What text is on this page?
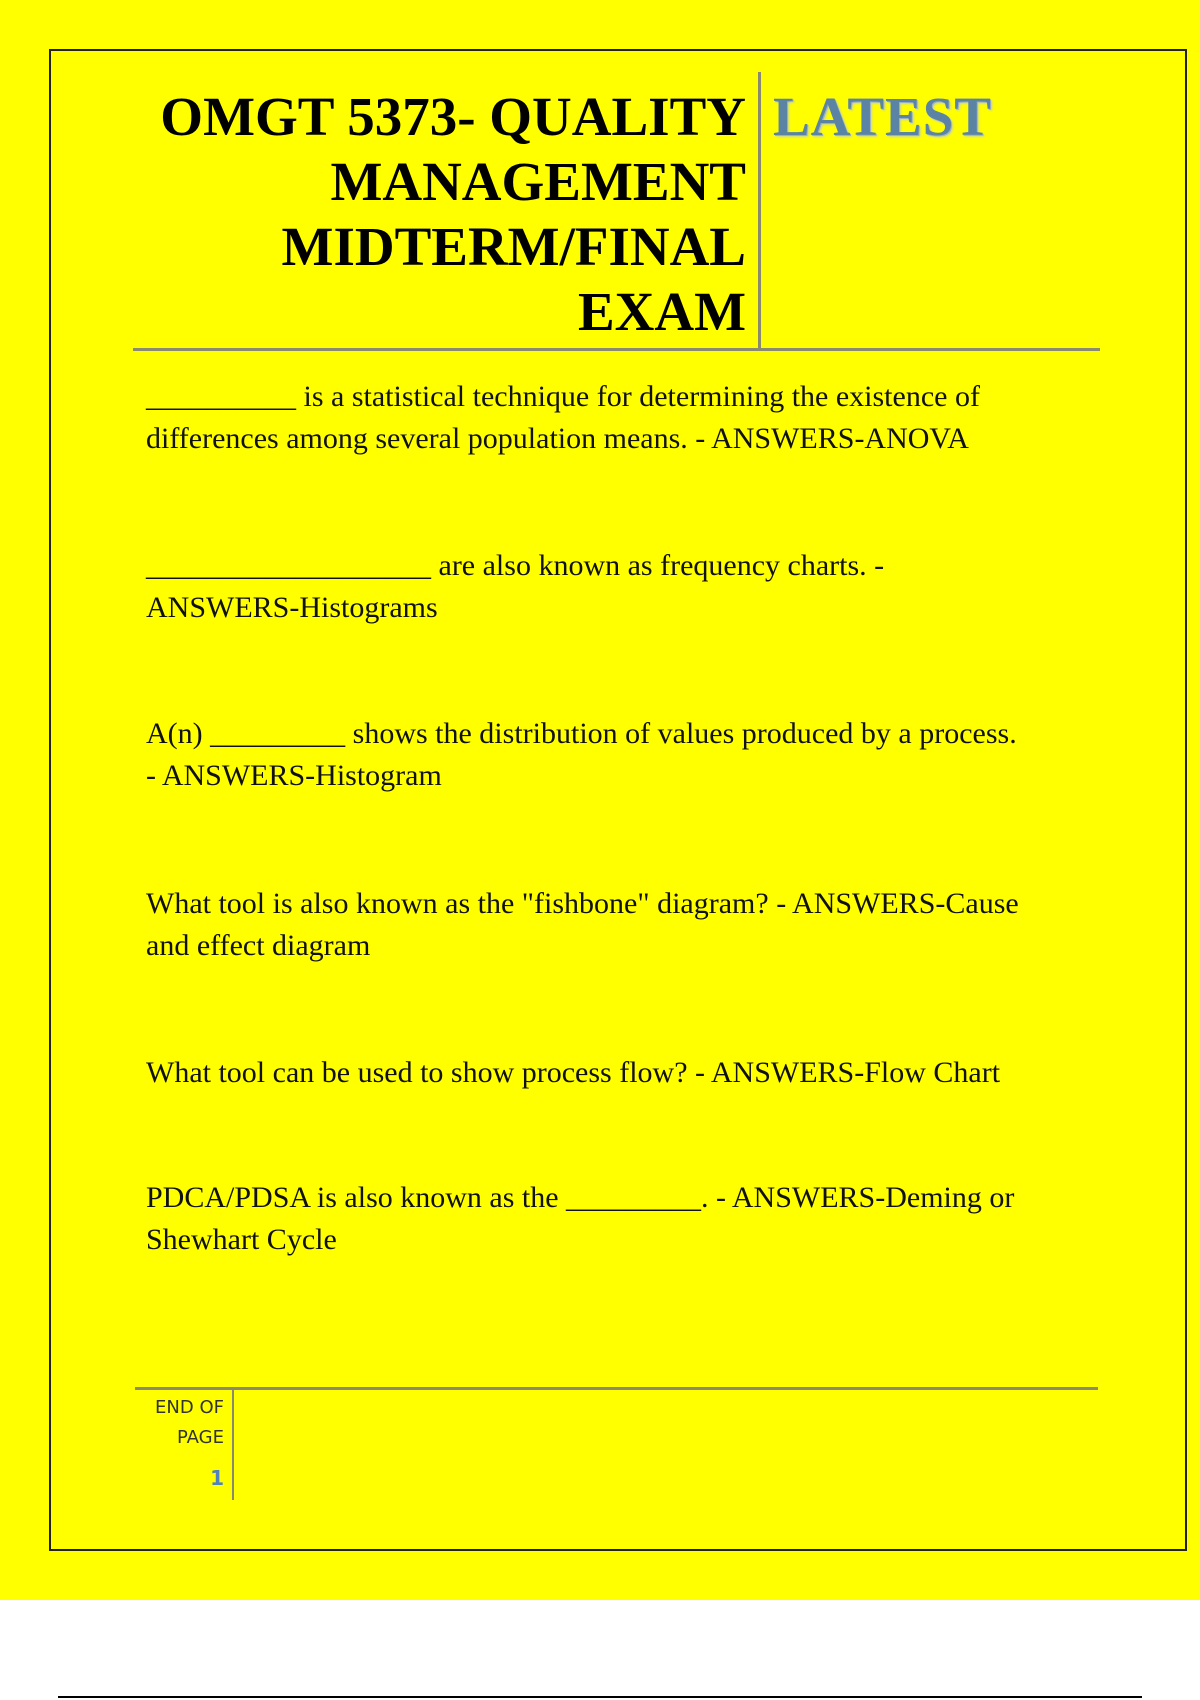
OMGT 5373- QUALITY
MANAGEMENT
MIDTERM/FINAL
EXAM
LATEST
__________ is a statistical technique for determining the existence of
differences among several population means. - ANSWERS-ANOVA
___________________ are also known as frequency charts. -
ANSWERS-Histograms
A(n) _________ shows the distribution of values produced by a process.
- ANSWERS-Histogram
What tool is also known as the "fishbone" diagram? - ANSWERS-Cause
and effect diagram
What tool can be used to show process flow? - ANSWERS-Flow Chart
PDCA/PDSA is also known as the _________. - ANSWERS-Deming or
Shewhart Cycle
END OF
PAGE
1
